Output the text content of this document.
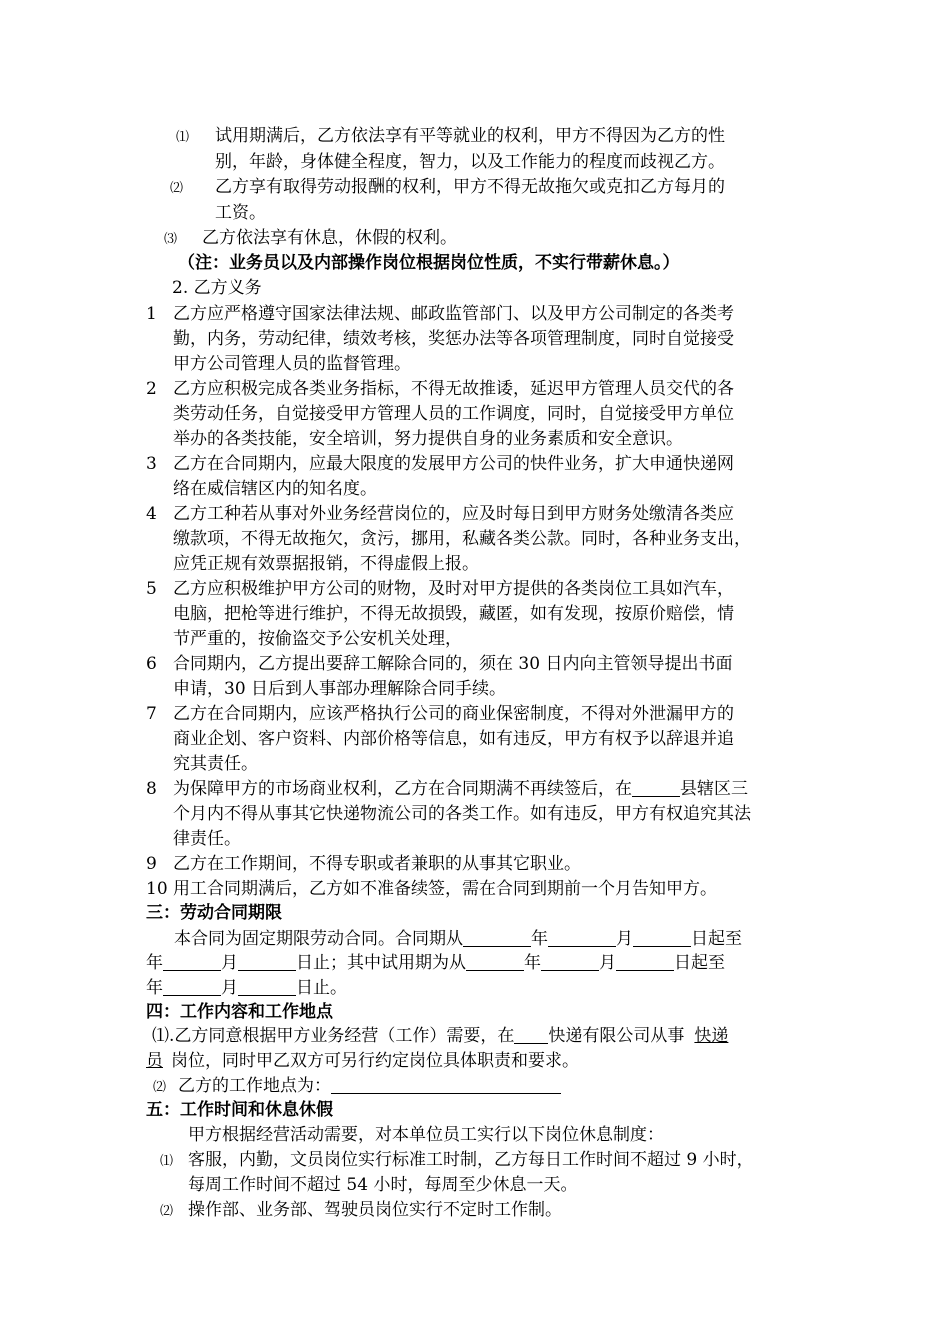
⑴ 试用期满后，乙方依法享有平等就业的权利，甲方不得因为乙方的性
别，年龄，身体健全程度，智力，以及工作能力的程度而歧视乙方。
⑵ 乙方享有取得劳动报酬的权利，甲方不得无故拖欠或克扣乙方每月的
工资。
⑶ 乙方依法享有休息，休假的权利。
（注：业务员以及内部操作岗位根据岗位性质，不实行带薪休息。）
2. 乙方义务
1 乙方应严格遵守国家法律法规、邮政监管部门、以及甲方公司制定的各类考
勤，内务，劳动纪律，绩效考核，奖惩办法等各项管理制度，同时自觉接受
甲方公司管理人员的监督管理。
2 乙方应积极完成各类业务指标，不得无故推诿，延迟甲方管理人员交代的各
类劳动任务，自觉接受甲方管理人员的工作调度，同时，自觉接受甲方单位
举办的各类技能，安全培训，努力提供自身的业务素质和安全意识。
3 乙方在合同期内，应最大限度的发展甲方公司的快件业务，扩大申通快递网
络在威信辖区内的知名度。
4 乙方工种若从事对外业务经营岗位的，应及时每日到甲方财务处缴清各类应
缴款项，不得无故拖欠，贪污，挪用，私藏各类公款。同时，各种业务支出，
应凭正规有效票据报销，不得虚假上报。
5 乙方应积极维护甲方公司的财物，及时对甲方提供的各类岗位工具如汽车，
电脑，把枪等进行维护，不得无故损毁，藏匿，如有发现，按原价赔偿，情
节严重的，按偷盗交予公安机关处理，
6 合同期内，乙方提出要辞工解除合同的，须在 30 日内向主管领导提出书面
申请，30 日后到人事部办理解除合同手续。
7 乙方在合同期内，应该严格执行公司的商业保密制度，不得对外泄漏甲方的
商业企划、客户资料、内部价格等信息，如有违反，甲方有权予以辞退并追
究其责任。
8 为保障甲方的市场商业权利，乙方在合同期满不再续签后，在	县辖区三
个月内不得从事其它快递物流公司的各类工作。如有违反，甲方有权追究其法
律责任。
9 乙方在工作期间，不得专职或者兼职的从事其它职业。
10 用工合同期满后，乙方如不准备续签，需在合同到期前一个月告知甲方。
三：劳动合同期限
本合同为固定期限劳动合同。合同期从	年	月	日起至
年	月	日止；其中试用期为从	年	月	日起至
年	月	日止。
四：工作内容和工作地点
⑴.乙方同意根据甲方业务经营（工作）需要，在 快递有限公司从事 快递
员 岗位，同时甲乙双方可另行约定岗位具体职责和要求。
⑵ 乙方的工作地点为：
五：工作时间和休息休假
甲方根据经营活动需要，对本单位员工实行以下岗位休息制度：
⑴ 客服，内勤，文员岗位实行标准工时制，乙方每日工作时间不超过 9 小时，
每周工作时间不超过 54 小时，每周至少休息一天。
⑵ 操作部、业务部、驾驶员岗位实行不定时工作制。
